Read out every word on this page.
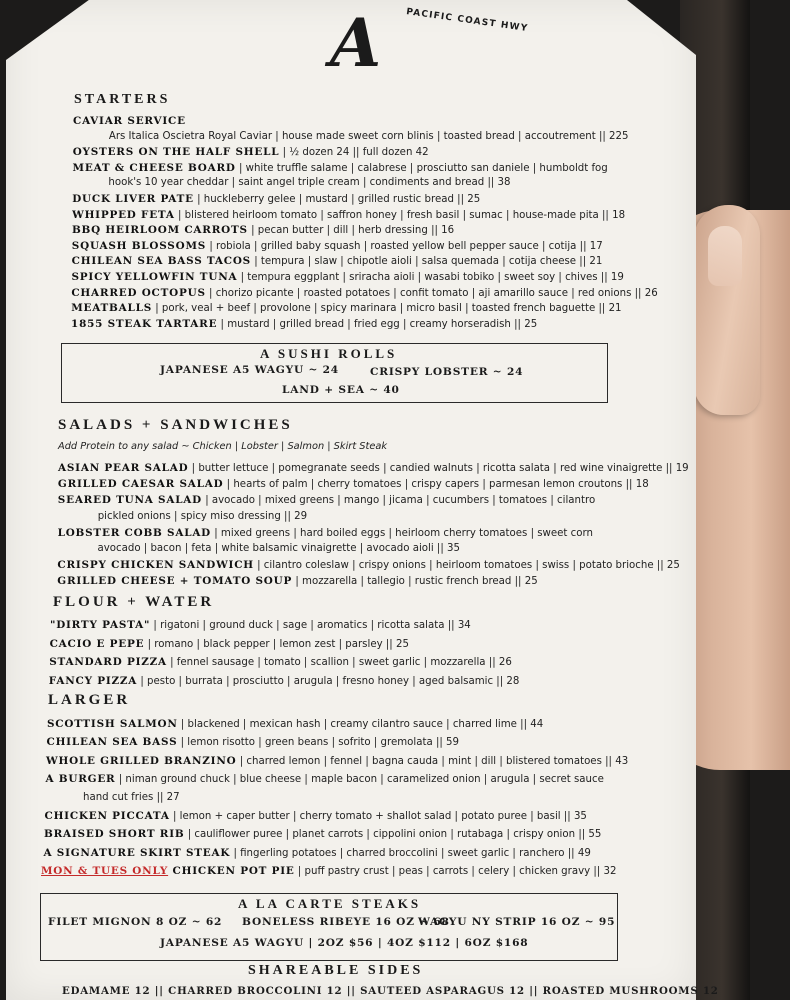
A	PACIFIC COAST HWY
STARTERS
CAVIAR SERVICE
Ars Italica Oscietra Royal Caviar | house made sweet corn blinis | toasted bread | accoutrement || 225
OYSTERS ON THE HALF SHELL | ½ dozen 24 || full dozen 42
MEAT & CHEESE BOARD | white truffle salame | calabrese | prosciutto san daniele | humboldt fog
hook's 10 year cheddar | saint angel triple cream | condiments and bread || 38
DUCK LIVER PATE | huckleberry gelee | mustard | grilled rustic bread || 25
WHIPPED FETA | blistered heirloom tomato | saffron honey | fresh basil | sumac | house-made pita || 18
BBQ HEIRLOOM CARROTS | pecan butter | dill | herb dressing || 16
SQUASH BLOSSOMS | robiola | grilled baby squash | roasted yellow bell pepper sauce | cotija || 17
CHILEAN SEA BASS TACOS | tempura | slaw | chipotle aioli | salsa quemada | cotija cheese || 21
SPICY YELLOWFIN TUNA | tempura eggplant | sriracha aioli | wasabi tobiko | sweet soy | chives || 19
CHARRED OCTOPUS | chorizo picante | roasted potatoes | confit tomato | aji amarillo sauce | red onions || 26
MEATBALLS | pork, veal + beef | provolone | spicy marinara | micro basil | toasted french baguette || 21
1855 STEAK TARTARE | mustard | grilled bread | fried egg | creamy horseradish || 25
A SUSHI ROLLS
JAPANESE A5 WAGYU ~ 24	CRISPY LOBSTER ~ 24
LAND + SEA ~ 40
SALADS + SANDWICHES
Add Protein to any salad ~ Chicken | Lobster | Salmon | Skirt Steak
ASIAN PEAR SALAD | butter lettuce | pomegranate seeds | candied walnuts | ricotta salata | red wine vinaigrette || 19
GRILLED CAESAR SALAD | hearts of palm | cherry tomatoes | crispy capers | parmesan lemon croutons || 18
SEARED TUNA SALAD | avocado | mixed greens | mango | jicama | cucumbers | tomatoes | cilantro
pickled onions | spicy miso dressing || 29
LOBSTER COBB SALAD | mixed greens | hard boiled eggs | heirloom cherry tomatoes | sweet corn
avocado | bacon | feta | white balsamic vinaigrette | avocado aioli || 35
CRISPY CHICKEN SANDWICH | cilantro coleslaw | crispy onions | heirloom tomatoes | swiss | potato brioche || 25
GRILLED CHEESE + TOMATO SOUP | mozzarella | tallegio | rustic french bread || 25
FLOUR + WATER
"DIRTY PASTA" | rigatoni | ground duck | sage | aromatics | ricotta salata || 34
CACIO E PEPE | romano | black pepper | lemon zest | parsley || 25
STANDARD PIZZA | fennel sausage | tomato | scallion | sweet garlic | mozzarella || 26
FANCY PIZZA | pesto | burrata | prosciutto | arugula | fresno honey | aged balsamic || 28
LARGER
SCOTTISH SALMON | blackened | mexican hash | creamy cilantro sauce | charred lime || 44
CHILEAN SEA BASS | lemon risotto | green beans | sofrito | gremolata || 59
WHOLE GRILLED BRANZINO | charred lemon | fennel | bagna cauda | mint | dill | blistered tomatoes || 43
A BURGER | niman ground chuck | blue cheese | maple bacon | caramelized onion | arugula | secret sauce
hand cut fries || 27
CHICKEN PICCATA | lemon + caper butter | cherry tomato + shallot salad | potato puree | basil || 35
BRAISED SHORT RIB | cauliflower puree | planet carrots | cippolini onion | rutabaga | crispy onion || 55
A SIGNATURE SKIRT STEAK | fingerling potatoes | charred broccolini | sweet garlic | ranchero || 49
MON & TUES ONLY CHICKEN POT PIE | puff pastry crust | peas | carrots | celery | chicken gravy || 32
A LA CARTE STEAKS
FILET MIGNON 8 OZ ~ 62 BONELESS RIBEYE 16 OZ ~ 68
WAGYU NY STRIP 16 OZ ~ 95
JAPANESE A5 WAGYU | 2OZ $56 | 4OZ $112 | 6OZ $168
SHAREABLE SIDES
EDAMAME 12 || CHARRED BROCCOLINI 12 || SAUTEED ASPARAGUS 12 || ROASTED MUSHROOMS 12
